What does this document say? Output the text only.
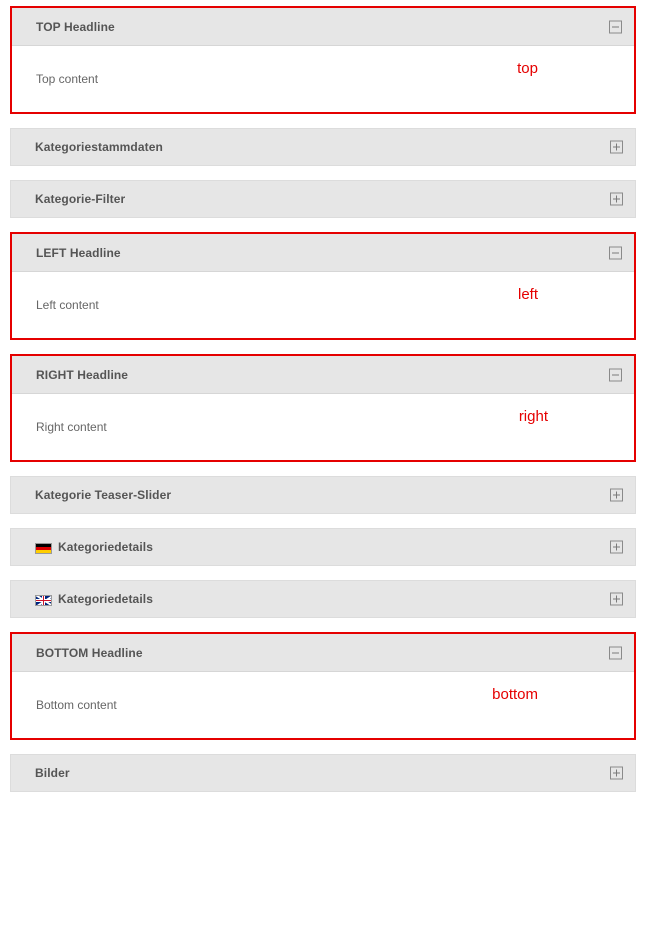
TOP Headline
Top content
top
Kategoriestammdaten
Kategorie-Filter
LEFT Headline
Left content
left
RIGHT Headline
Right content
right
Kategorie Teaser-Slider
Kategoriedetails
Kategoriedetails
BOTTOM Headline
Bottom content
bottom
Bilder
